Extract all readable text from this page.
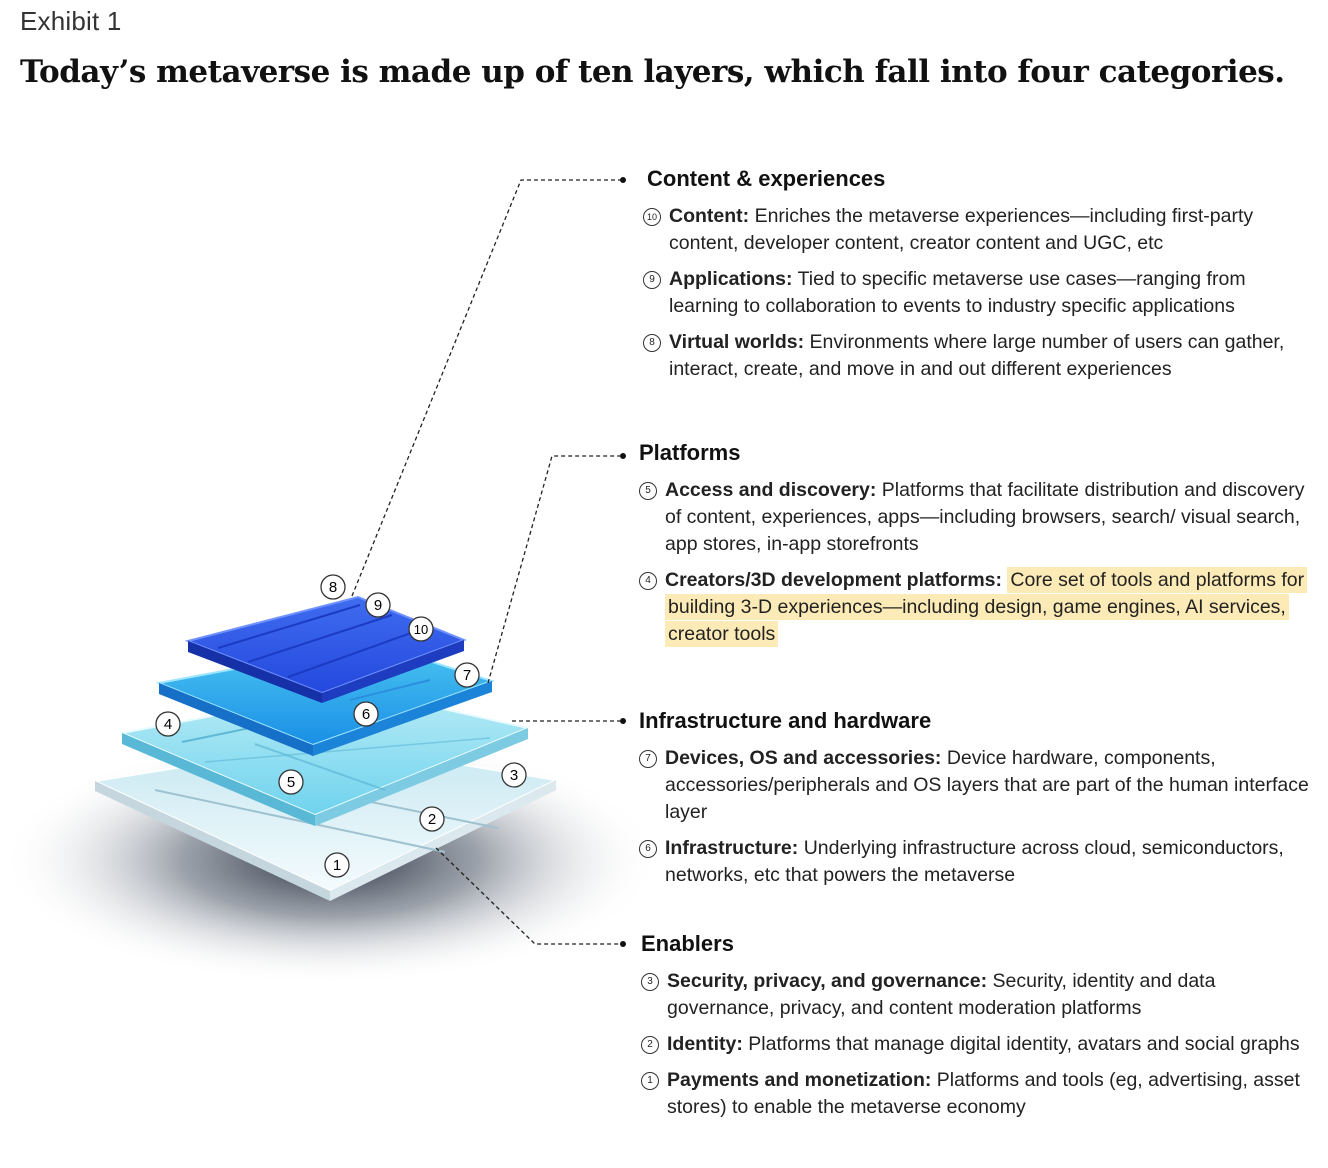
Exhibit 1
Today’s metaverse is made up of ten layers, which fall into four categories.
1
2
3
4
5
6
7
8
9
10
Content & experiences
10 Content: Enriches the metaverse experiences—including first-party content, developer content, creator content and UGC, etc
9 Applications: Tied to specific metaverse use cases—ranging from learning to collaboration to events to industry specific applications
8 Virtual worlds: Environments where large number of users can gather, interact, create, and move in and out different experiences
Platforms
5 Access and discovery: Platforms that facilitate distribution and discovery of content, experiences, apps—including browsers, search/ visual search, app stores, in-app storefronts
4 Creators/3D development platforms: Core set of tools and platforms for building 3-D experiences—including design, game engines, AI services, creator tools
Infrastructure and hardware
7 Devices, OS and accessories: Device hardware, components, accessories/peripherals and OS layers that are part of the human interface layer
6 Infrastructure: Underlying infrastructure across cloud, semiconductors, networks, etc that powers the metaverse
Enablers
3 Security, privacy, and governance: Security, identity and data governance, privacy, and content moderation platforms
2 Identity: Platforms that manage digital identity, avatars and social graphs
1 Payments and monetization: Platforms and tools (eg, advertising, asset stores) to enable the metaverse economy
